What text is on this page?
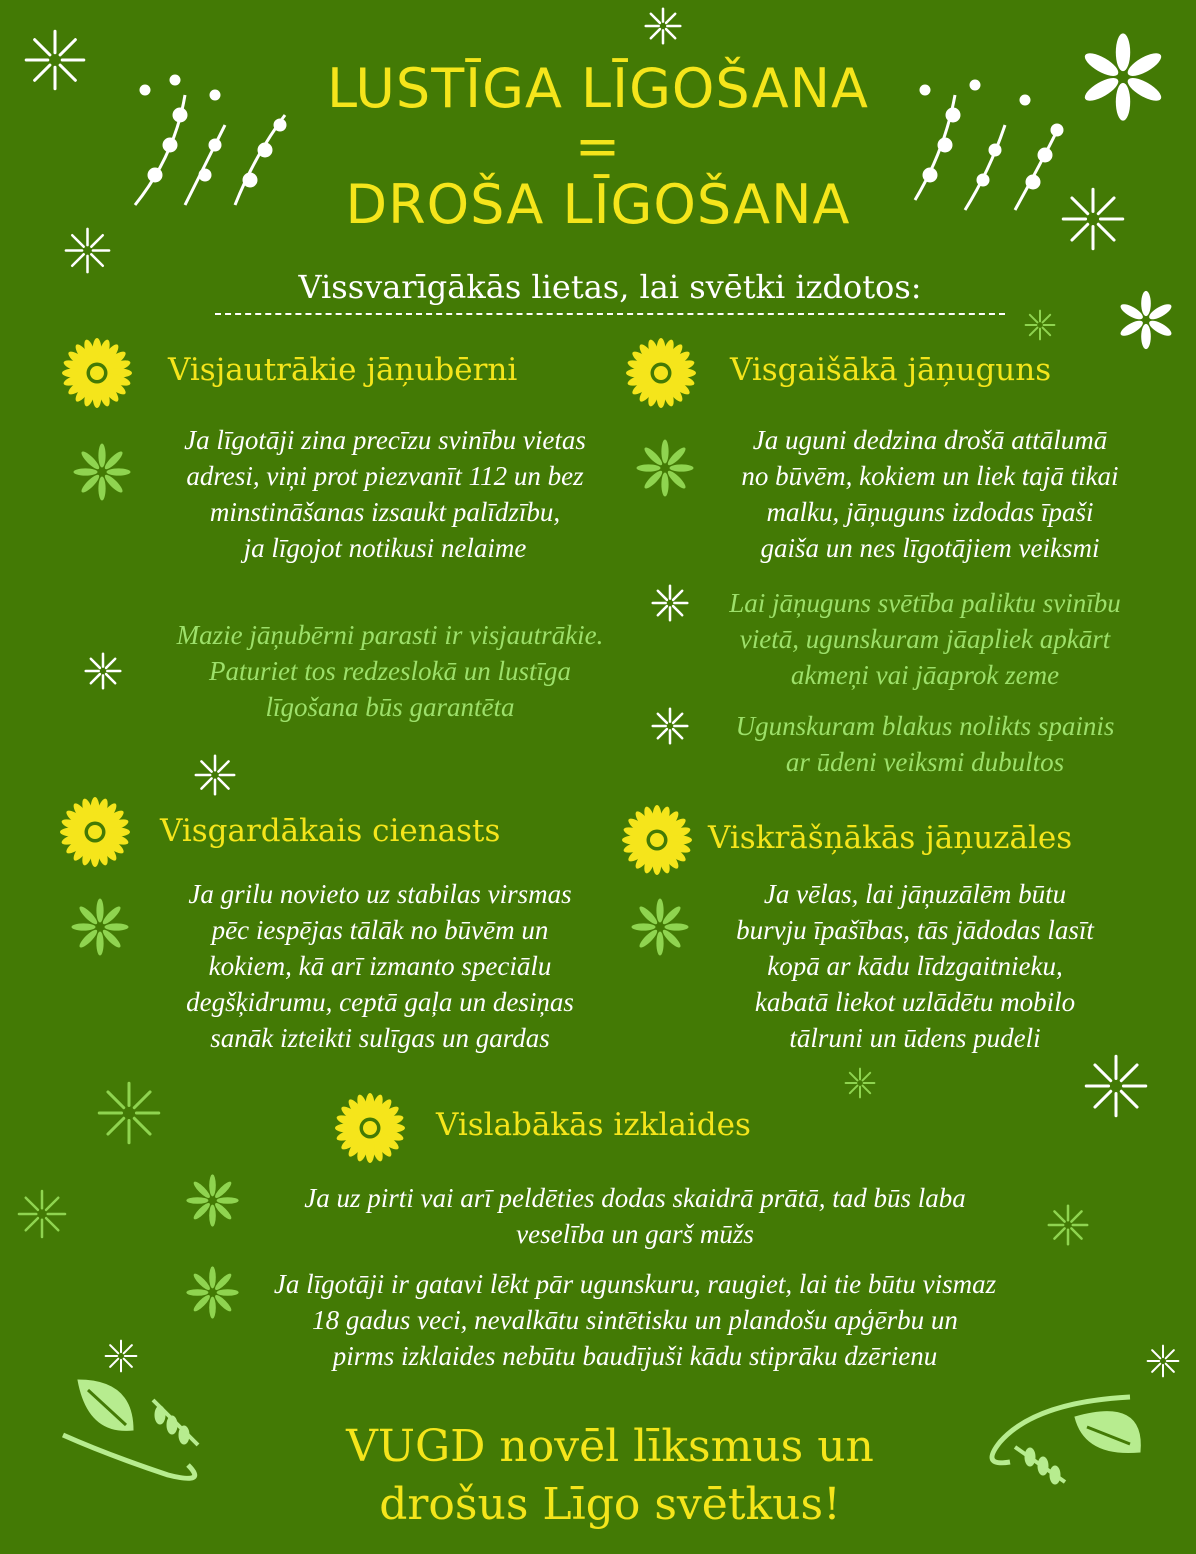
LUSTĪGA LĪGOŠANA
=
DROŠA LĪGOŠANA
Vissvarīgākās lietas, lai svētki izdotos:
Visjautrākie jāņubērni
Ja līgotāji zina precīzu svinību vietas
adresi, viņi prot piezvanīt 112 un bez
minstināšanas izsaukt palīdzību,
ja līgojot notikusi nelaime
Mazie jāņubērni parasti ir visjautrākie.
Paturiet tos redzeslokā un lustīga
līgošana būs garantēta
Visgaišākā jāņuguns
Ja uguni dedzina drošā attālumā
no būvēm, kokiem un liek tajā tikai
malku, jāņuguns izdodas īpaši
gaiša un nes līgotājiem veiksmi
Lai jāņuguns svētība paliktu svinību
vietā, ugunskuram jāapliek apkārt
akmeņi vai jāaprok zeme
Ugunskuram blakus nolikts spainis
ar ūdeni veiksmi dubultos
Visgardākais cienasts
Ja grilu novieto uz stabilas virsmas
pēc iespējas tālāk no būvēm un
kokiem, kā arī izmanto speciālu
degšķidrumu, ceptā gaļa un desiņas
sanāk izteikti sulīgas un gardas
Viskrāšņākās jāņuzāles
Ja vēlas, lai jāņuzālēm būtu
burvju īpašības, tās jādodas lasīt
kopā ar kādu līdzgaitnieku,
kabatā liekot uzlādētu mobilo
tālruni un ūdens pudeli
Vislabākās izklaides
Ja uz pirti vai arī peldēties dodas skaidrā prātā, tad būs laba
veselība un garš mūžs
Ja līgotāji ir gatavi lēkt pār ugunskuru, raugiet, lai tie būtu vismaz
18 gadus veci, nevalkātu sintētisku un plandošu apģērbu un
pirms izklaides nebūtu baudījuši kādu stiprāku dzērienu
VUGD novēl līksmus un
drošus Līgo svētkus!
